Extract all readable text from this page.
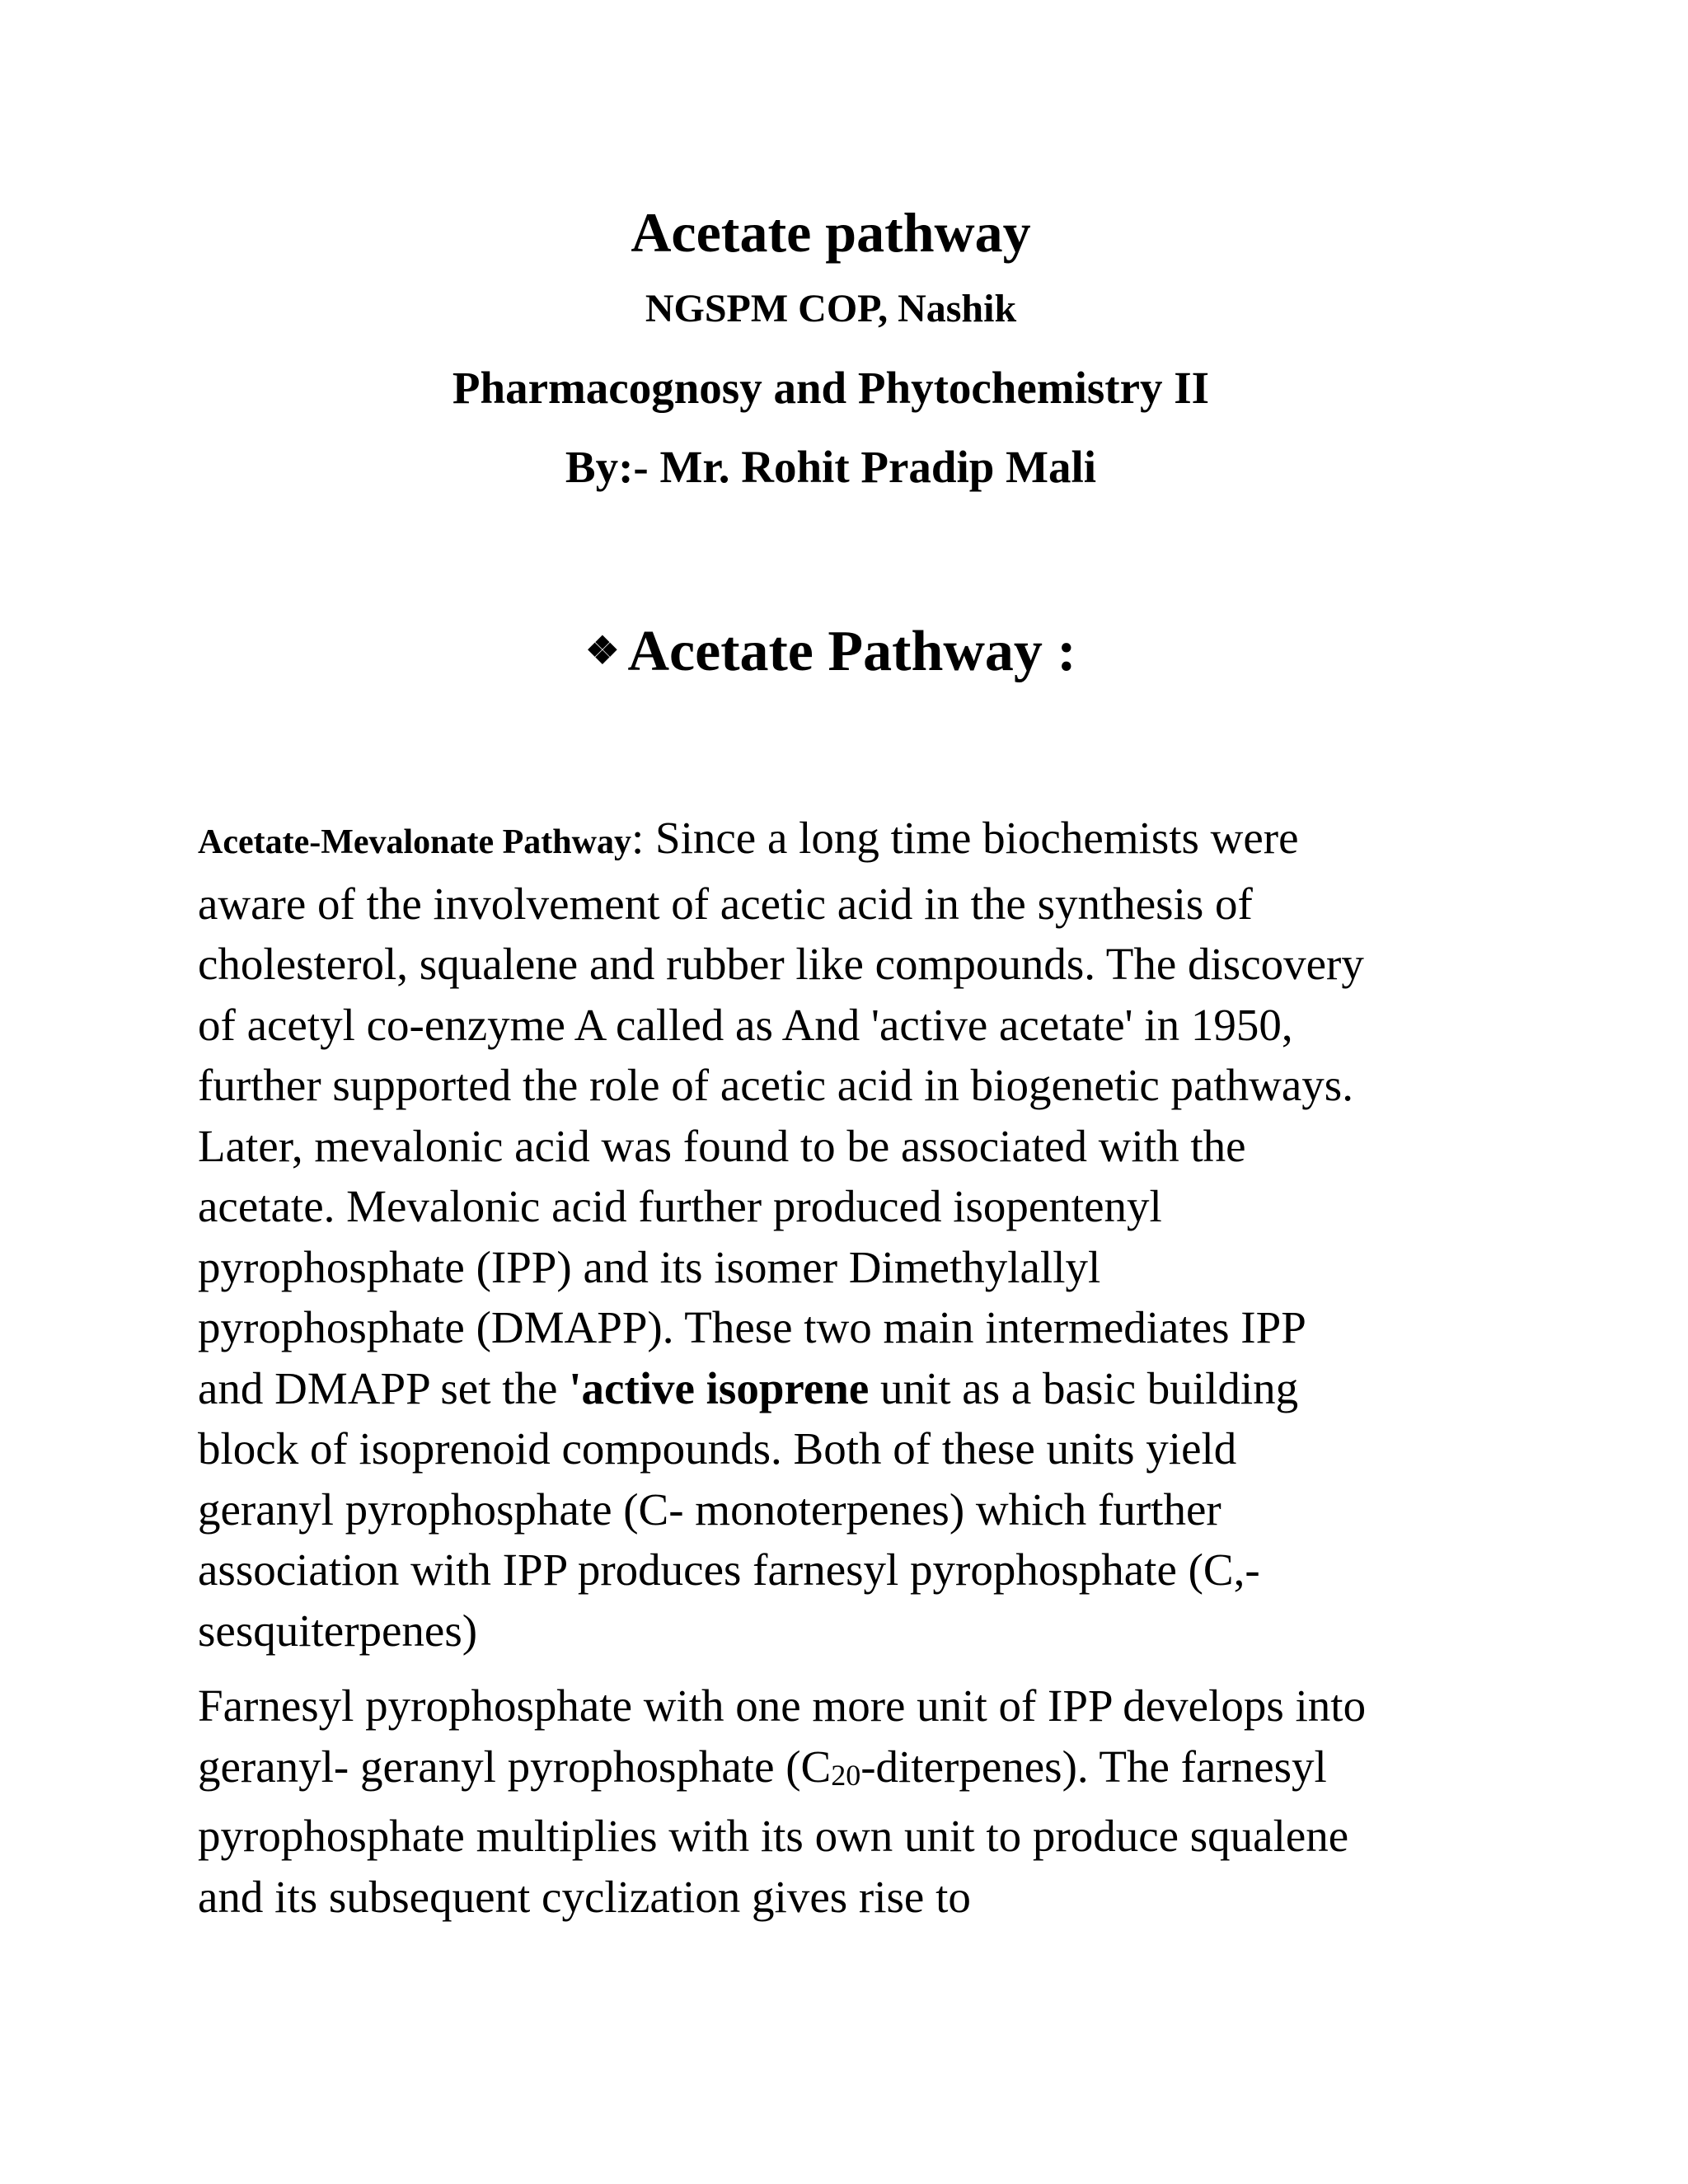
Acetate pathway
NGSPM COP, Nashik
Pharmacognosy and Phytochemistry II
By:- Mr. Rohit Pradip Mali
❖ Acetate Pathway :

Acetate-Mevalonate Pathway: Since a long time biochemists were

aware of the involvement of acetic acid in the synthesis of

cholesterol, squalene and rubber like compounds. The discovery

of acetyl co-enzyme A called as And 'active acetate' in 1950,

further supported the role of acetic acid in biogenetic pathways.

Later, mevalonic acid was found to be associated with the

acetate. Mevalonic acid further produced isopentenyl

pyrophosphate (IPP) and its isomer Dimethylallyl

pyrophosphate (DMAPP). These two main intermediates IPP

and DMAPP set the 'active isoprene unit as a basic building

block of isoprenoid compounds. Both of these units yield

geranyl pyrophosphate (C- monoterpenes) which further

association with IPP produces farnesyl pyrophosphate (C,-

sesquiterpenes)

Farnesyl pyrophosphate with one more unit of IPP develops into

geranyl- geranyl pyrophosphate (C20-diterpenes). The farnesyl

pyrophosphate multiplies with its own unit to produce squalene

and its subsequent cyclization gives rise to
